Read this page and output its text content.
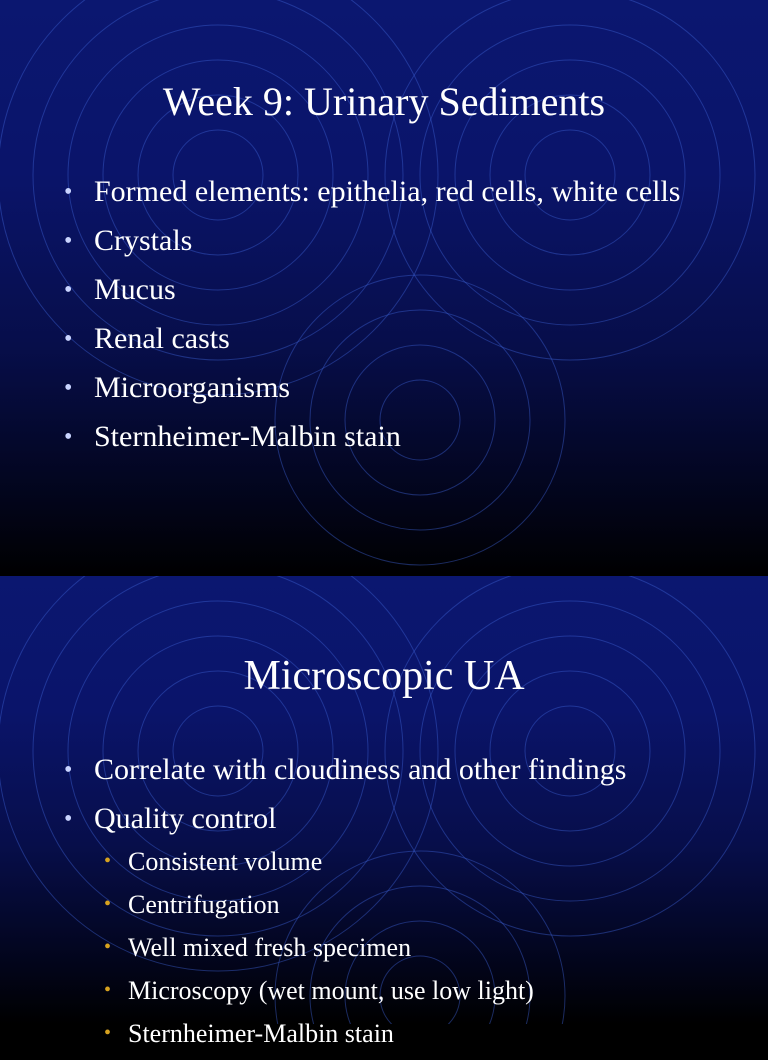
Week 9: Urinary Sediments
• Formed elements: epithelia, red cells, white cells
• Crystals
• Mucus
• Renal casts
• Microorganisms
• Sternheimer-Malbin stain
Microscopic UA
• Correlate with cloudiness and other findings
• Quality control
• Consistent volume
• Centrifugation
• Well mixed fresh specimen
• Microscopy (wet mount, use low light)
• Sternheimer-Malbin stain
